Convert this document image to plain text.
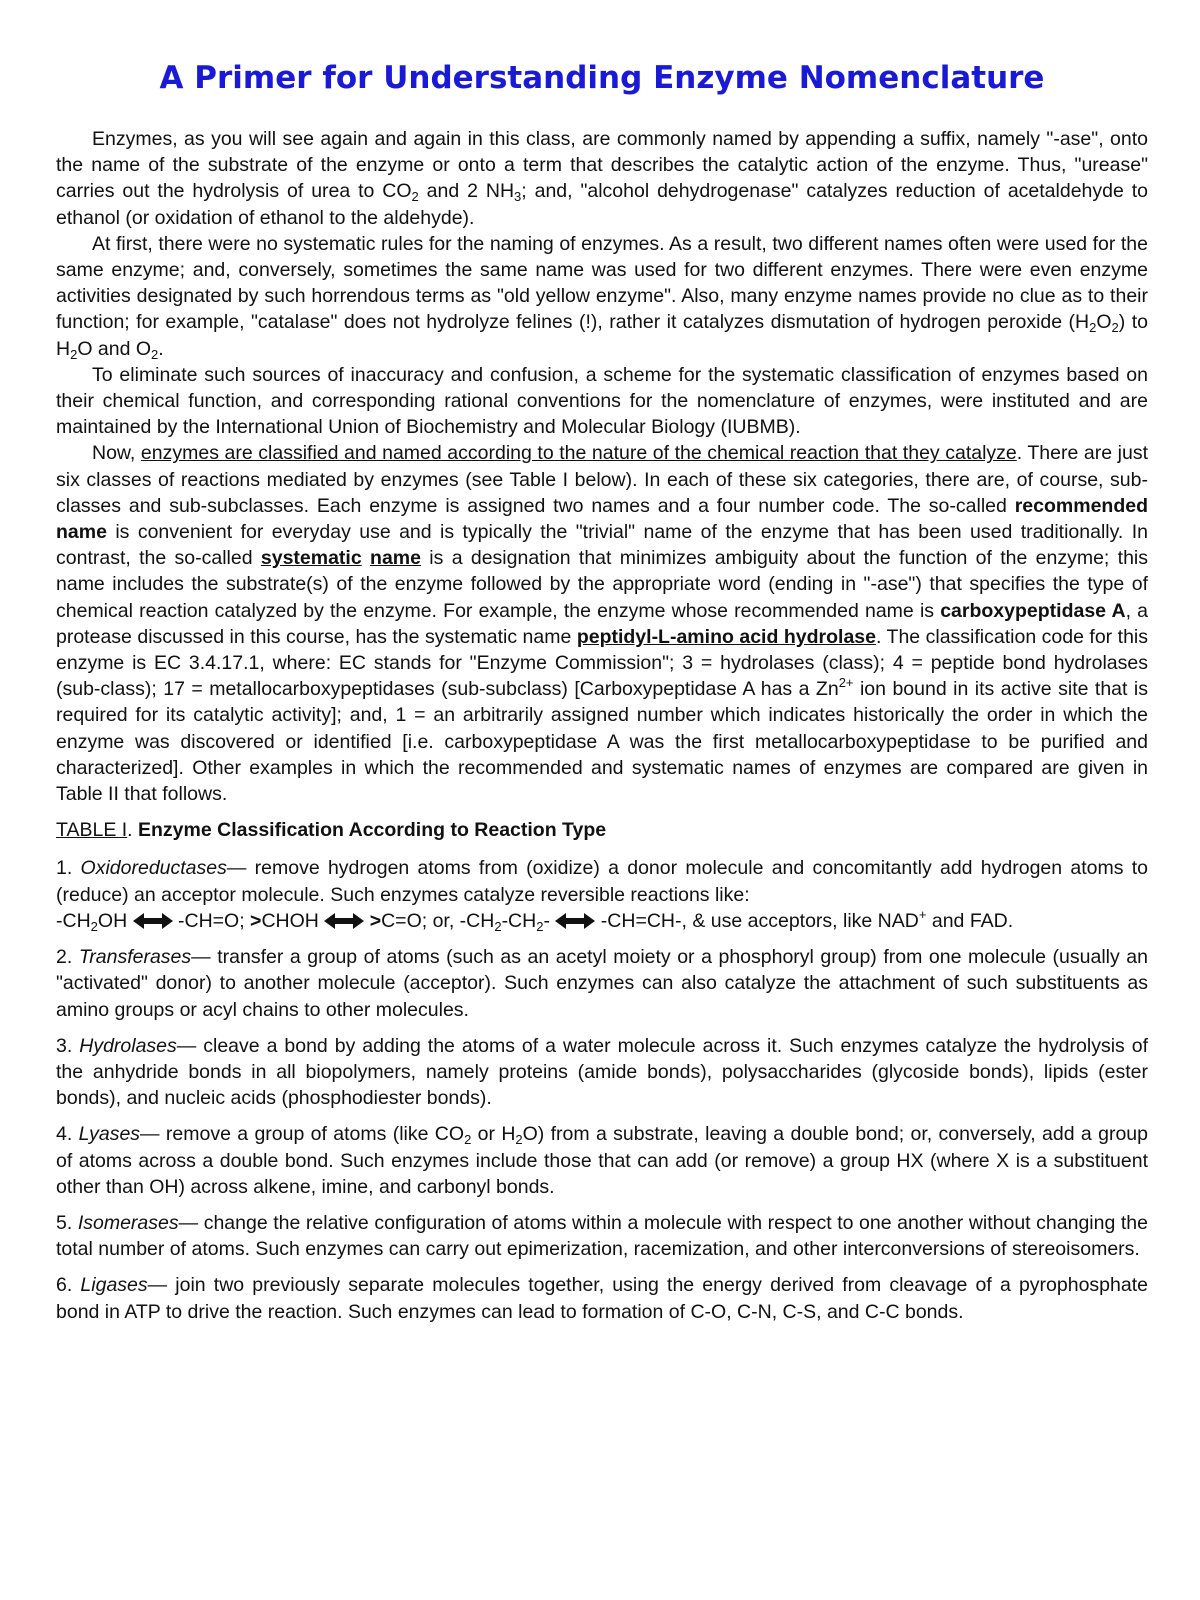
A Primer for Understanding Enzyme Nomenclature

Enzymes, as you will see again and again in this class, are commonly named by appending a suffix, namely "-ase", onto the name of the substrate of the enzyme or onto a term that describes the catalytic action of the enzyme. Thus, "urease" carries out the hydrolysis of urea to $CO_2$ and 2 $NH_3$; and, "alcohol dehydrogenase" catalyzes reduction of acetaldehyde to ethanol (or oxidation of ethanol to the aldehyde).

At first, there were no systematic rules for the naming of enzymes. As a result, two different names often were used for the same enzyme; and, conversely, sometimes the same name was used for two different enzymes. There were even enzyme activities designated by such horrendous terms as "old yellow enzyme". Also, many enzyme names provide no clue as to their function; for example, "catalase" does not hydrolyze felines (!), rather it catalyzes dismutation of hydrogen peroxide $(H_2O_2)$ to $H_2O$ and $O_2$.

To eliminate such sources of inaccuracy and confusion, a scheme for the systematic classification of enzymes based on their chemical function, and corresponding rational conventions for the nomenclature of enzymes, were instituted and are maintained by the International Union of Biochemistry and Molecular Biology (IUBMB).

Now, enzymes are classified and named according to the nature of the chemical reaction that they catalyze. There are just six classes of reactions mediated by enzymes (see Table I below). In each of these six categories, there are, of course, sub-classes and sub-subclasses. Each enzyme is assigned two names and a four number code. The so-called recommended name is convenient for everyday use and is typically the "trivial" name of the enzyme that has been used traditionally. In contrast, the so-called systematic name is a designation that minimizes ambiguity about the function of the enzyme; this name includes the substrate(s) of the enzyme followed by the appropriate word (ending in "-ase") that specifies the type of chemical reaction catalyzed by the enzyme. For example, the enzyme whose recommended name is carboxypeptidase A, a protease discussed in this course, has the systematic name peptidyl-L-amino acid hydrolase. The classification code for this enzyme is EC 3.4.17.1, where: EC stands for "Enzyme Commission"; 3 = hydrolases (class); 4 = peptide bond hydrolases (sub-class); 17 = metallocarboxypeptidases (sub-subclass) [Carboxypeptidase A has a $Zn^{2+}$ ion bound in its active site that is required for its catalytic activity]; and, 1 = an arbitrarily assigned number which indicates historically the order in which the enzyme was discovered or identified [i.e. carboxypeptidase A was the first metallocarboxypeptidase to be purified and characterized]. Other examples in which the recommended and systematic names of enzymes are compared are given in Table II that follows.

TABLE I. Enzyme Classification According to Reaction Type

1. Oxidoreductases— remove hydrogen atoms from (oxidize) a donor molecule and concomitantly add hydrogen atoms to (reduce) an acceptor molecule. Such enzymes catalyze reversible reactions like:
$-CH_2OH$  -CH=O; >CHOH  >C=O; or, $-CH_2-CH_2-$  -CH=CH-, & use acceptors, like NAD+ and FAD.

2. Transferases— transfer a group of atoms (such as an acetyl moiety or a phosphoryl group) from one molecule (usually an "activated" donor) to another molecule (acceptor). Such enzymes can also catalyze the attachment of such substituents as amino groups or acyl chains to other molecules.

3. Hydrolases— cleave a bond by adding the atoms of a water molecule across it. Such enzymes catalyze the hydrolysis of the anhydride bonds in all biopolymers, namely proteins (amide bonds), polysaccharides (glycoside bonds), lipids (ester bonds), and nucleic acids (phosphodiester bonds).

4. Lyases— remove a group of atoms (like $CO_2$ or $H_2O$) from a substrate, leaving a double bond; or, conversely, add a group of atoms across a double bond. Such enzymes include those that can add (or remove) a group HX (where X is a substituent other than OH) across alkene, imine, and carbonyl bonds.

5. Isomerases— change the relative configuration of atoms within a molecule with respect to one another without changing the total number of atoms. Such enzymes can carry out epimerization, racemization, and other interconversions of stereoisomers.

6. Ligases— join two previously separate molecules together, using the energy derived from cleavage of a pyrophosphate bond in ATP to drive the reaction. Such enzymes can lead to formation of C-O, C-N, C-S, and C-C bonds.
